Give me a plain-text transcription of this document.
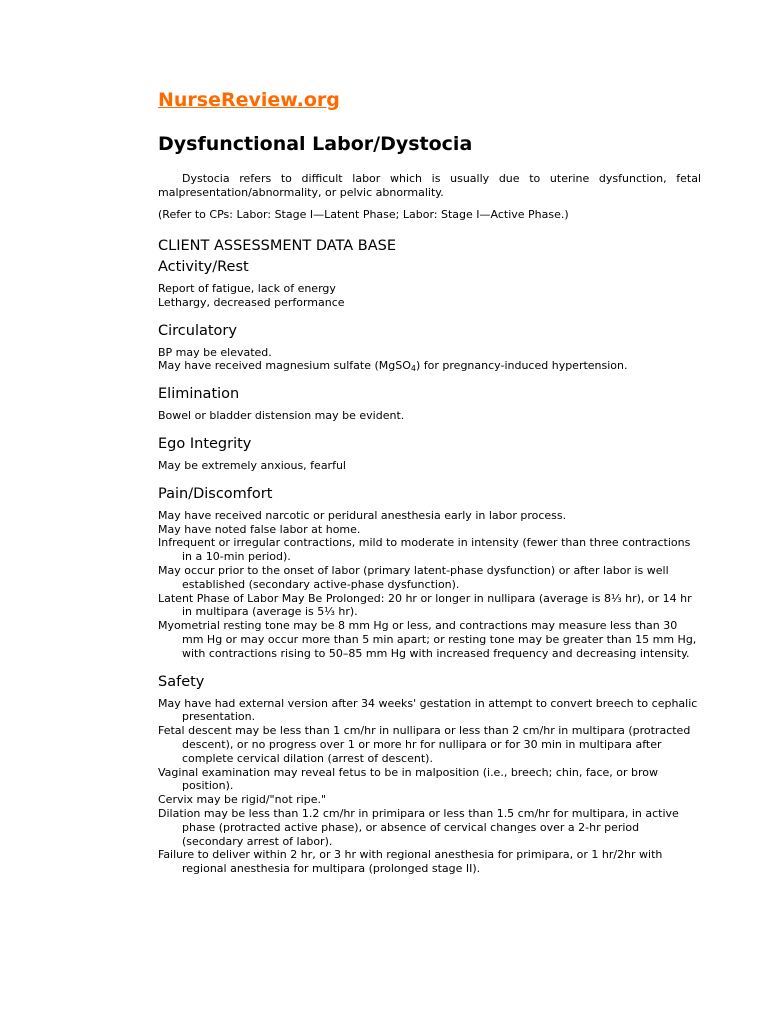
NurseReview.org
Dysfunctional Labor/Dystocia

Dystocia refers to difficult labor which is usually due to uterine dysfunction, fetal malpresentation/abnormality, or pelvic abnormality.

(Refer to CPs: Labor: Stage I—Latent Phase; Labor: Stage I—Active Phase.)

CLIENT ASSESSMENT DATA BASE
Activity/Rest

Report of fatigue, lack of energy

Lethargy, decreased performance

Circulatory

BP may be elevated.

May have received magnesium sulfate (MgSO$_4$) for pregnancy-induced hypertension.

Elimination

Bowel or bladder distension may be evident.

Ego Integrity

May be extremely anxious, fearful

Pain/Discomfort

May have received narcotic or peridural anesthesia early in labor process.

May have noted false labor at home.

Infrequent or irregular contractions, mild to moderate in intensity (fewer than three contractions in a 10-min period).

May occur prior to the onset of labor (primary latent-phase dysfunction) or after labor is well established (secondary active-phase dysfunction).

Latent Phase of Labor May Be Prolonged: 20 hr or longer in nullipara (average is 8⅓ hr), or 14 hr in multipara (average is 5⅓ hr).

Myometrial resting tone may be 8 mm Hg or less, and contractions may measure less than 30 mm Hg or may occur more than 5 min apart; or resting tone may be greater than 15 mm Hg, with contractions rising to 50–85 mm Hg with increased frequency and decreasing intensity.

Safety

May have had external version after 34 weeks' gestation in attempt to convert breech to cephalic presentation.

Fetal descent may be less than 1 cm/hr in nullipara or less than 2 cm/hr in multipara (protracted descent), or no progress over 1 or more hr for nullipara or for 30 min in multipara after complete cervical dilation (arrest of descent).

Vaginal examination may reveal fetus to be in malposition (i.e., breech; chin, face, or brow position).

Cervix may be rigid/"not ripe."

Dilation may be less than 1.2 cm/hr in primipara or less than 1.5 cm/hr for multipara, in active phase (protracted active phase), or absence of cervical changes over a 2-hr period (secondary arrest of labor).

Failure to deliver within 2 hr, or 3 hr with regional anesthesia for primipara, or 1 hr/2hr with regional anesthesia for multipara (prolonged stage II).
